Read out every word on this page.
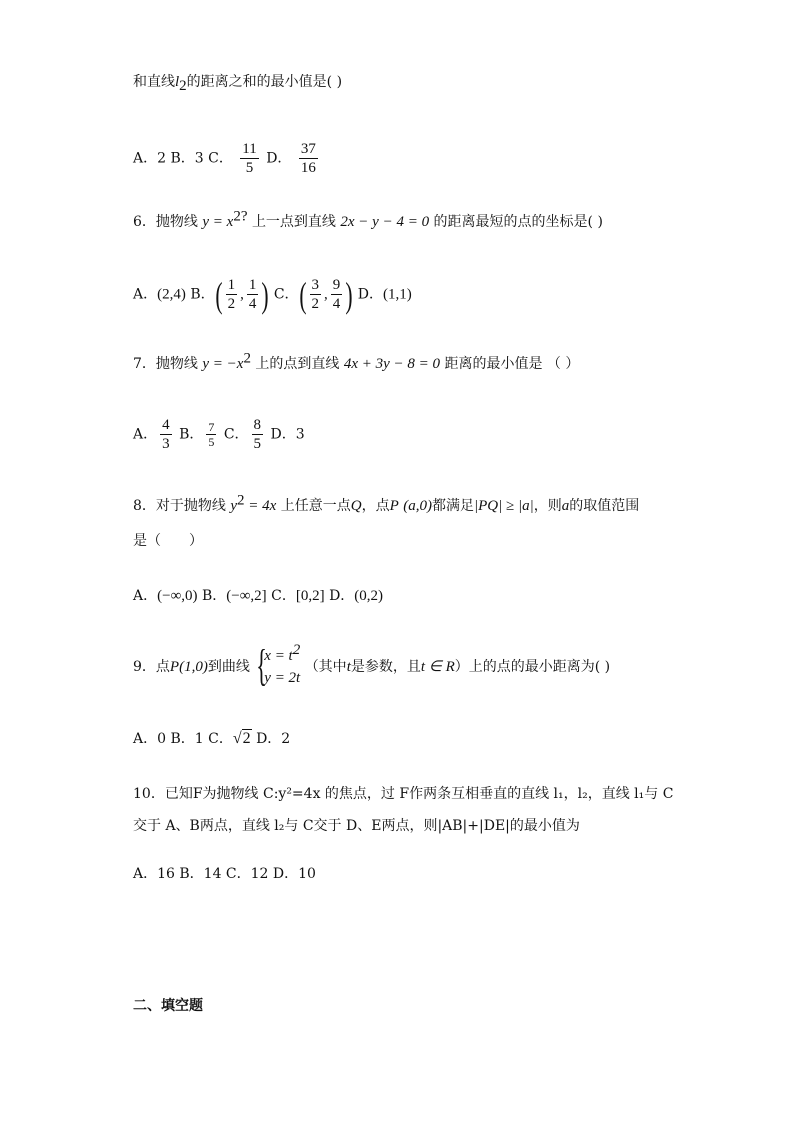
和直线$l_2$的距离之和的最小值是( )
A．2 B．3 C． $\frac{11}{5}$ D． $\frac{37}{16}$
6．抛物线 $y = x^{2?}$ 上一点到直线 2x − y − 4 = 0 的距离最短的点的坐标是( )
A．(2,4) B．( $\frac{1}{2}$ , $\frac{1}{4}$ ) C．( $\frac{3}{2}$ , $\frac{9}{4}$ ) D．(1,1)
7．抛物线 $y = -x^2$ 上的点到直线 4x + 3y − 8 = 0 距离的最小值是 （ ）
A． $\frac{4}{3}$ B． $\frac{7}{5}$ C． $\frac{8}{5}$ D．3
8．对于抛物线 $y^2 = 4x$ 上任意一点Q，点P (a,0)都满足|PQ| ≥ |a|，则a的取值范围
是（　　）
A．(−∞,0) B．(−∞,2] C．[0,2] D．(0,2)
9．点P(1,0)到曲线 {
$x = t^2$
y = 2t
（其中t是参数，且t ∈ R）上的点的最小距离为( )
A．0 B．1 C．√2 D．2
10．已知F为抛物线 C:y²=4x 的焦点，过 F作两条互相垂直的直线 l₁，l₂，直线 l₁与 C
交于 A、B两点，直线 l₂与 C交于 D、E两点，则|AB|+|DE|的最小值为
A．16 B．14 C．12 D．10
二、填空题
